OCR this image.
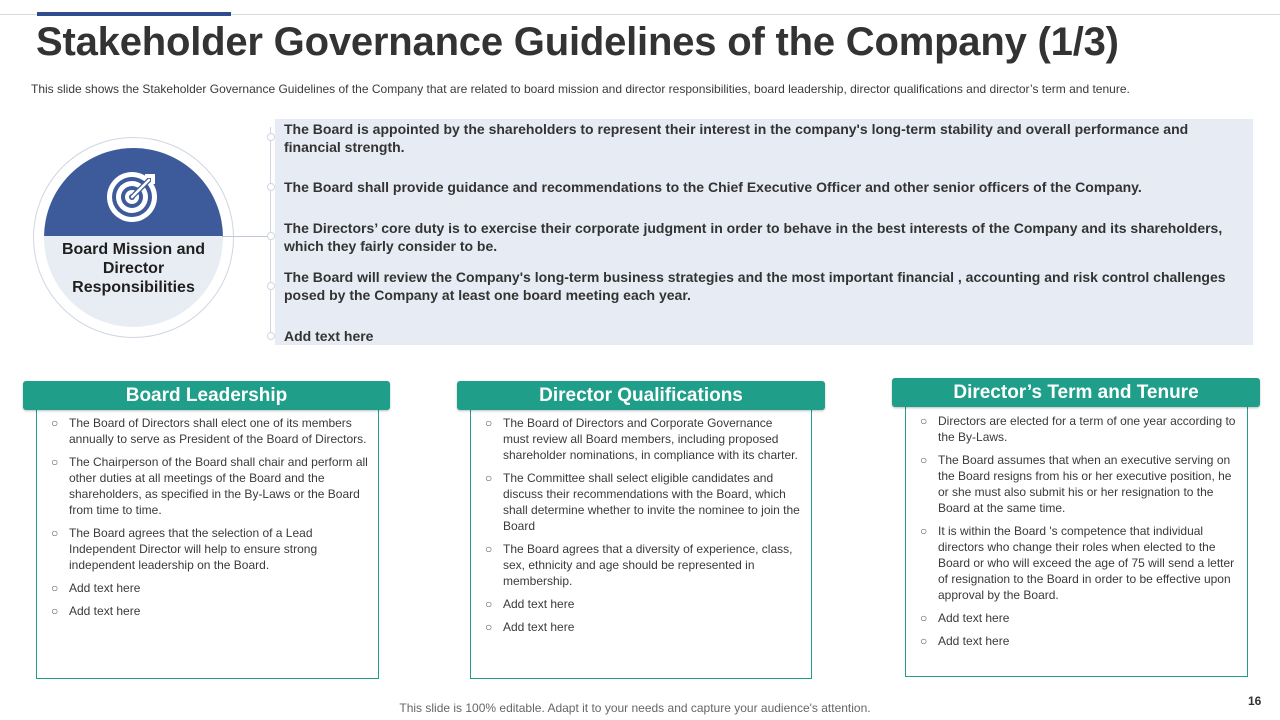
Stakeholder Governance Guidelines of the Company (1/3)

This slide shows the Stakeholder Governance Guidelines of the Company that are related to board mission and director responsibilities, board leadership, director qualifications and director’s term and tenure.

Board Mission and Director Responsibilities
The Board is appointed by the shareholders to represent their interest in the company's long-term stability and overall performance and financial strength.
The Board shall provide guidance and recommendations to the Chief Executive Officer and other senior officers of the Company.
The Directors’ core duty is to exercise their corporate judgment in order to behave in the best interests of the Company and its shareholders, which they fairly consider to be.
The Board will review the Company's long-term business strategies and the most important financial , accounting and risk control challenges posed by the Company at least one board meeting each year.
Add text here
○ The Board of Directors shall elect one of its members annually to serve as President of the Board of Directors.
○ The Chairperson of the Board shall chair and perform all other duties at all meetings of the Board and the shareholders, as specified in the By-Laws or the Board from time to time.
○ The Board agrees that the selection of a Lead Independent Director will help to ensure strong independent leadership on the Board.
○ Add text here
○ Add text here
Board Leadership
○ The Board of Directors and Corporate Governance must review all Board members, including proposed shareholder nominations, in compliance with its charter.
○ The Committee shall select eligible candidates and discuss their recommendations with the Board, which shall determine whether to invite the nominee to join the Board
○ The Board agrees that a diversity of experience, class, sex, ethnicity and age should be represented in membership.
○ Add text here
○ Add text here
Director Qualifications
○ Directors are elected for a term of one year according to the By-Laws.
○ The Board assumes that when an executive serving on the Board resigns from his or her executive position, he or she must also submit his or her resignation to the Board at the same time.
○ It is within the Board 's competence that individual directors who change their roles when elected to the Board or who will exceed the age of 75 will send a letter of resignation to the Board in order to be effective upon approval by the Board.
○ Add text here
○ Add text here
Director’s Term and Tenure
This slide is 100% editable. Adapt it to your needs and capture your audience's attention.	16
